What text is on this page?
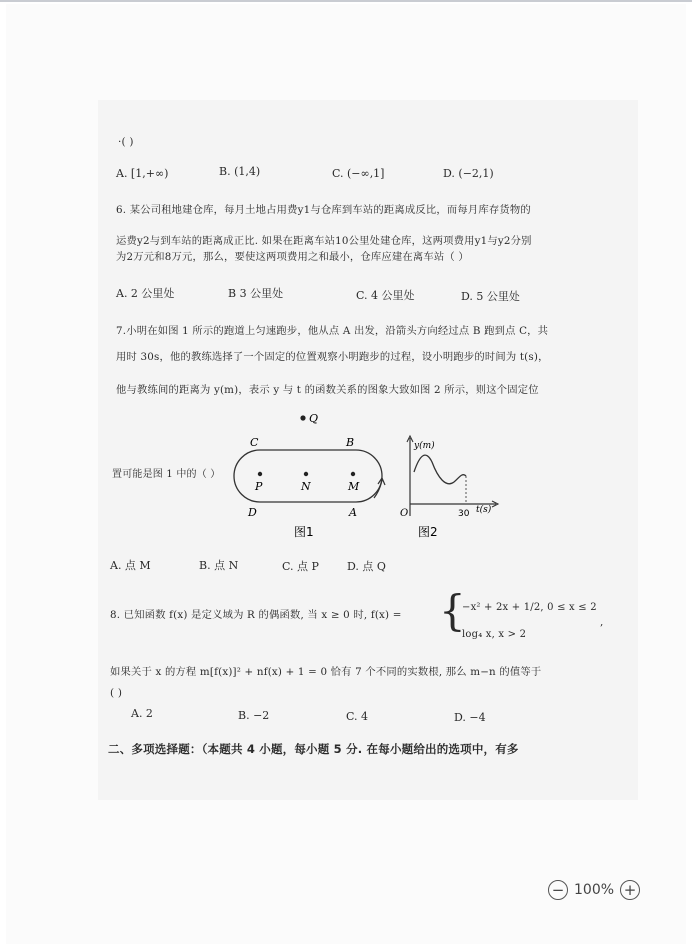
·( )
A. [1,+∞)	B. (1,4)	C. (−∞,1]	D. (−2,1)
6. 某公司租地建仓库，每月土地占用费y1与仓库到车站的距离成反比，而每月库存货物的
运费y2与到车站的距离成正比. 如果在距离车站10公里处建仓库，这两项费用y1与y2分别
为2万元和8万元，那么，要使这两项费用之和最小，仓库应建在离车站（ ）
A. 2 公里处	B 3 公里处	C. 4 公里处	D. 5 公里处
7.小明在如图 1 所示的跑道上匀速跑步，他从点 A 出发，沿箭头方向经过点 B 跑到点 C，共
用时 30s，他的教练选择了一个固定的位置观察小明跑步的过程，设小明跑步的时间为 t(s)，
他与教练间的距离为 y(m)，表示 y 与 t 的函数关系的图象大致如图 2 所示，则这个固定位
置可能是图 1 中的（ ）
Q
C	B
P	N	M
D	A
图1
y(m)
O	30 t(s)
图2
A. 点 M	B. 点 N	C. 点 P	D. 点 Q
8. 已知函数 f(x) 是定义域为 R 的偶函数, 当 x ≥ 0 时, f(x) = {
−x² + 2x + 1/2, 0 ≤ x ≤ 2
log₄ x, x > 2
,
如果关于 x 的方程 m[f(x)]² + nf(x) + 1 = 0 恰有 7 个不同的实数根, 那么 m−n 的值等于
( )
A. 2	B. −2	C. 4	D. −4
二、多项选择题：（本题共 4 小题，每小题 5 分. 在每小题给出的选项中，有多
− 100% +
